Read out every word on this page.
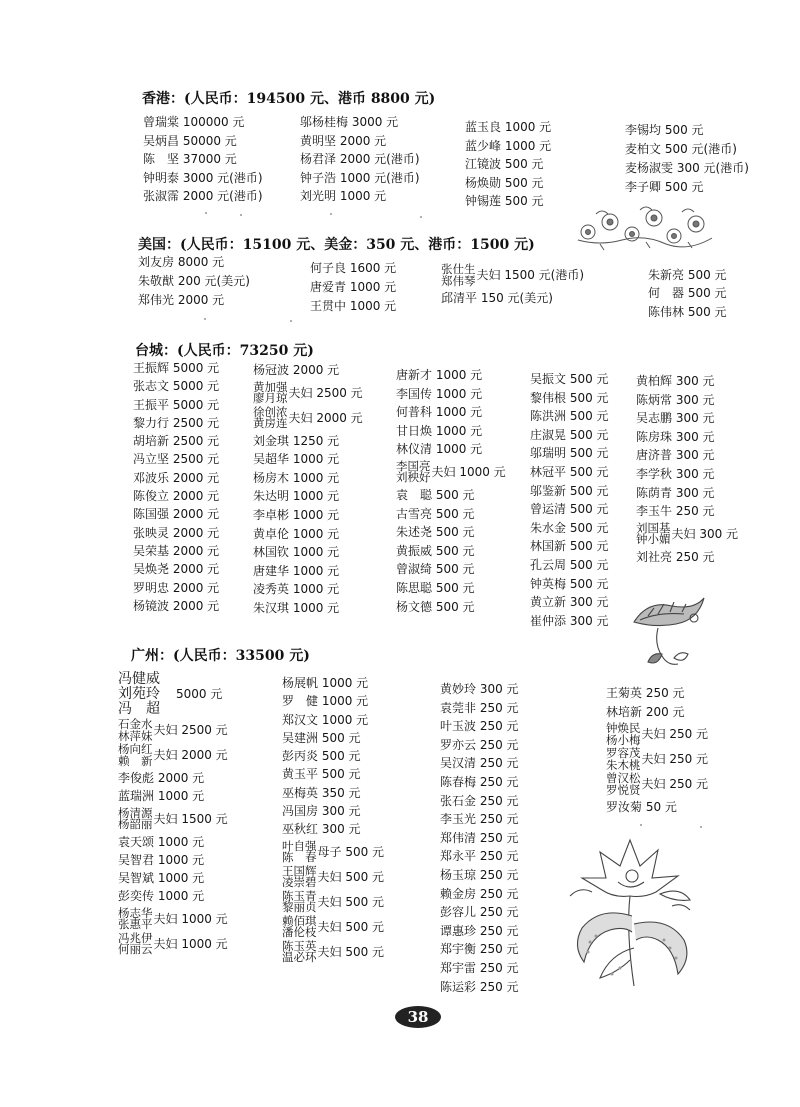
香港：(人民币：194500 元、港币 8800 元)
美国：(人民币：15100 元、美金：350 元、港币：1500 元)
台城：(人民币：73250 元)
广州：(人民币：33500 元)
曾瑞棠 100000 元
吴炳昌 50000 元
陈　坚 37000 元
钟明泰 3000 元(港币)
张淑霈 2000 元(港币)
邬杨桂梅 3000 元
黄明坚 2000 元
杨君泽 2000 元(港币)
钟子浩 1000 元(港币)
刘光明 1000 元
蓝玉良 1000 元
蓝少峰 1000 元
江镜波 500 元
杨焕勋 500 元
钟锡莲 500 元
李锡均 500 元
麦柏文 500 元(港币)
麦杨淑雯 300 元(港币)
李子卿 500 元
刘友房 8000 元
朱敬猷 200 元(美元)
郑伟光 2000 元
何子良 1600 元
唐爱青 1000 元
王贯中 1000 元
张仕生
郑伟琴 夫妇 1500 元(港币)
邱清平 150 元(美元)
朱新亮 500 元
何　器 500 元
陈伟林 500 元
王振辉 5000 元
张志文 5000 元
王振平 5000 元
黎力行 2500 元
胡培新 2500 元
冯立坚 2500 元
邓波乐 2000 元
陈俊立 2000 元
陈国强 2000 元
张映灵 2000 元
吴荣基 2000 元
吴焕尧 2000 元
罗明忠 2000 元
杨镜波 2000 元
杨冠波 2000 元
黄加强
廖月琼 夫妇 2500 元
徐创浓
黄房连 夫妇 2000 元
刘金琪 1250 元
吴超华 1000 元
杨房木 1000 元
朱达明 1000 元
李卓彬 1000 元
黄卓伦 1000 元
林国钦 1000 元
唐建华 1000 元
凌秀英 1000 元
朱汉琪 1000 元
唐新才 1000 元
李国传 1000 元
何普科 1000 元
甘日焕 1000 元
林仪清 1000 元
李国亮
刘秧好 夫妇 1000 元
袁　聪 500 元
古雪亮 500 元
朱述尧 500 元
黄振威 500 元
曾淑绮 500 元
陈思聪 500 元
杨文德 500 元
吴振文 500 元
黎伟根 500 元
陈洪洲 500 元
庄淑晃 500 元
邬瑞明 500 元
林冠平 500 元
邬鉴新 500 元
曾运清 500 元
朱水金 500 元
林国新 500 元
孔云周 500 元
钟英梅 500 元
黄立新 300 元
崔仲添 300 元
黄柏辉 300 元
陈炳常 300 元
吴志鹏 300 元
陈房珠 300 元
唐济普 300 元
李学秋 300 元
陈荫青 300 元
李玉牛 250 元
刘国基
钟小媚 夫妇 300 元
刘社亮 250 元
冯健威
刘苑玲
冯　超
5000 元
石金水
林萍妹 夫妇 2500 元
杨向红
赖　新 夫妇 2000 元
李俊彪 2000 元
蓝瑞洲 1000 元
杨清源
杨韶丽 夫妇 1500 元
袁天颂 1000 元
吴智君 1000 元
吴智斌 1000 元
彭奕传 1000 元
杨志华
张惠平 夫妇 1000 元
冯兆伊
何丽云 夫妇 1000 元
杨展帆 1000 元
罗　健 1000 元
郑汉文 1000 元
吴建洲 500 元
彭丙炎 500 元
黄玉平 500 元
巫梅英 350 元
冯国房 300 元
巫秋红 300 元
叶自强
陈　春 母子 500 元
王国辉
凌崇碧 夫妇 500 元
陈玉青
黎丽贞 夫妇 500 元
赖佰琪
潘伦枝 夫妇 500 元
陈玉英
温必环 夫妇 500 元
黄妙玲 300 元
袁莞非 250 元
叶玉波 250 元
罗亦云 250 元
吴汉清 250 元
陈春梅 250 元
张石金 250 元
李玉光 250 元
郑伟清 250 元
郑永平 250 元
杨玉琼 250 元
赖金房 250 元
彭容儿 250 元
谭惠珍 250 元
郑宇衡 250 元
郑宇雷 250 元
陈运彩 250 元
王菊英 250 元
林培新 200 元
钟焕民
杨小梅 夫妇 250 元
罗容茂
朱木桃 夫妇 250 元
曾汉松
罗悦贤 夫妇 250 元
罗汝菊 50 元
38
